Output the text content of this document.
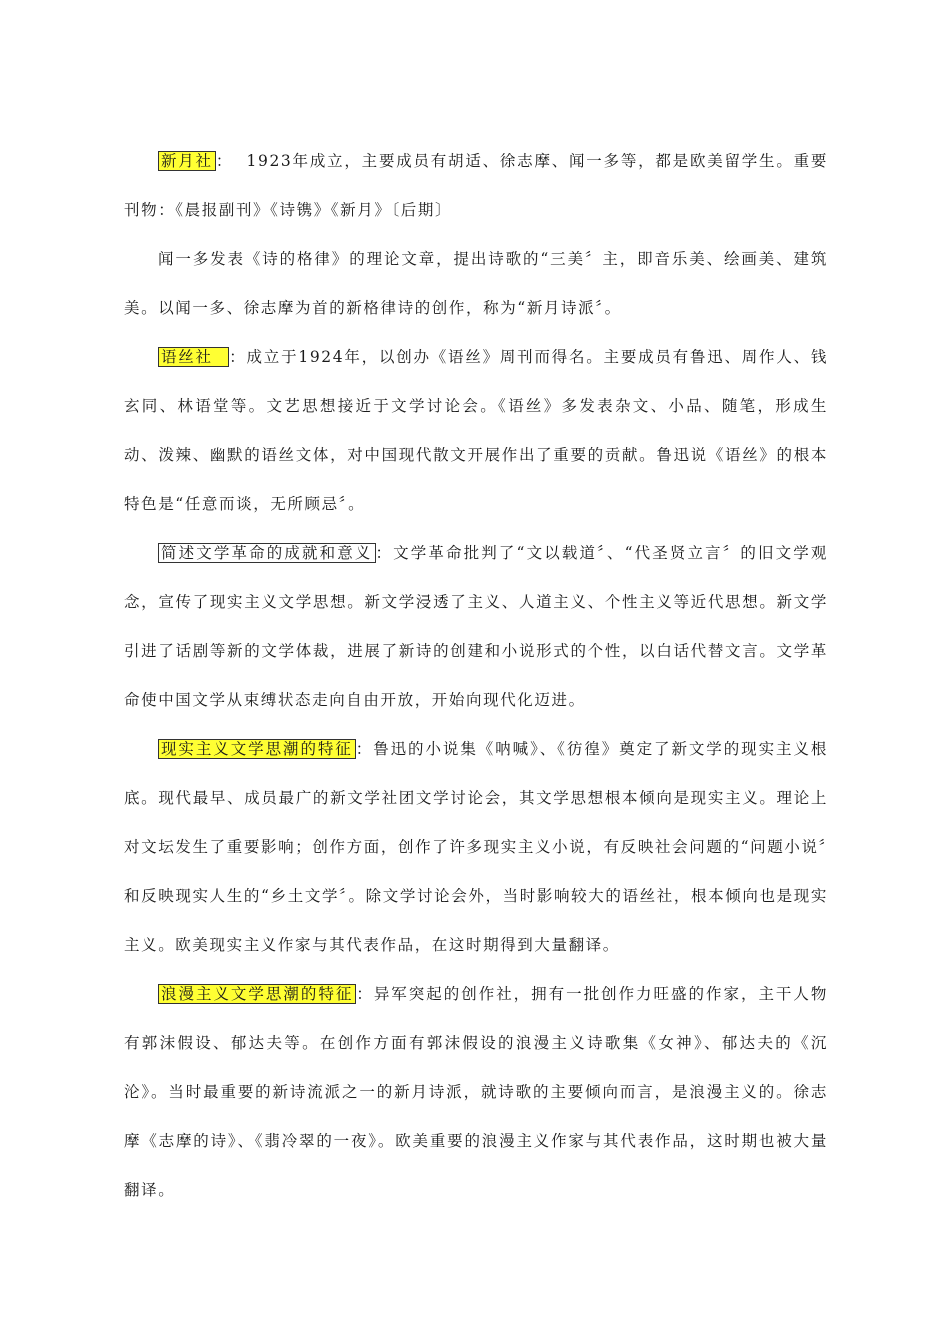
新月社 ：  1923年成立，主要成员有胡适、徐志摩、闻一多等，都是欧美留学生。重要刊物：《晨报副刊》《诗镌》《新月》〔后期〕

闻一多发表《诗的格律》的理论文章，提出诗歌的“三美〞主，即音乐美、绘画美、建筑美。以闻一多、徐志摩为首的新格律诗的创作，称为“新月诗派〞。

语丝社  ：成立于1924年，以创办《语丝》周刊而得名。主要成员有鲁迅、周作人、钱玄同、林语堂等。文艺思想接近于文学讨论会。《语丝》多发表杂文、小品、随笔，形成生动、泼辣、幽默的语丝文体，对中国现代散文开展作出了重要的贡献。鲁迅说《语丝》的根本特色是“任意而谈，无所顾忌〞。

简述文学革命的成就和意义 ：文学革命批判了“文以载道〞、“代圣贤立言〞的旧文学观念，宣传了现实主义文学思想。新文学浸透了主义、人道主义、个性主义等近代思想。新文学引进了话剧等新的文学体裁，进展了新诗的创建和小说形式的个性，以白话代替文言。文学革命使中国文学从束缚状态走向自由开放，开始向现代化迈进。

现实主义文学思潮的特征 ：鲁迅的小说集《呐喊》、《彷徨》奠定了新文学的现实主义根底。现代最早、成员最广的新文学社团文学讨论会，其文学思想根本倾向是现实主义。理论上对文坛发生了重要影响；创作方面，创作了许多现实主义小说，有反映社会问题的“问题小说〞和反映现实人生的“乡土文学〞。除文学讨论会外，当时影响较大的语丝社，根本倾向也是现实主义。欧美现实主义作家与其代表作品，在这时期得到大量翻译。

浪漫主义文学思潮的特征 ：异军突起的创作社，拥有一批创作力旺盛的作家，主干人物有郭沫假设、郁达夫等。在创作方面有郭沫假设的浪漫主义诗歌集《女神》、郁达夫的《沉沦》。当时最重要的新诗流派之一的新月诗派，就诗歌的主要倾向而言，是浪漫主义的。徐志摩《志摩的诗》、《翡冷翠的一夜》。欧美重要的浪漫主义作家与其代表作品，这时期也被大量翻译。
